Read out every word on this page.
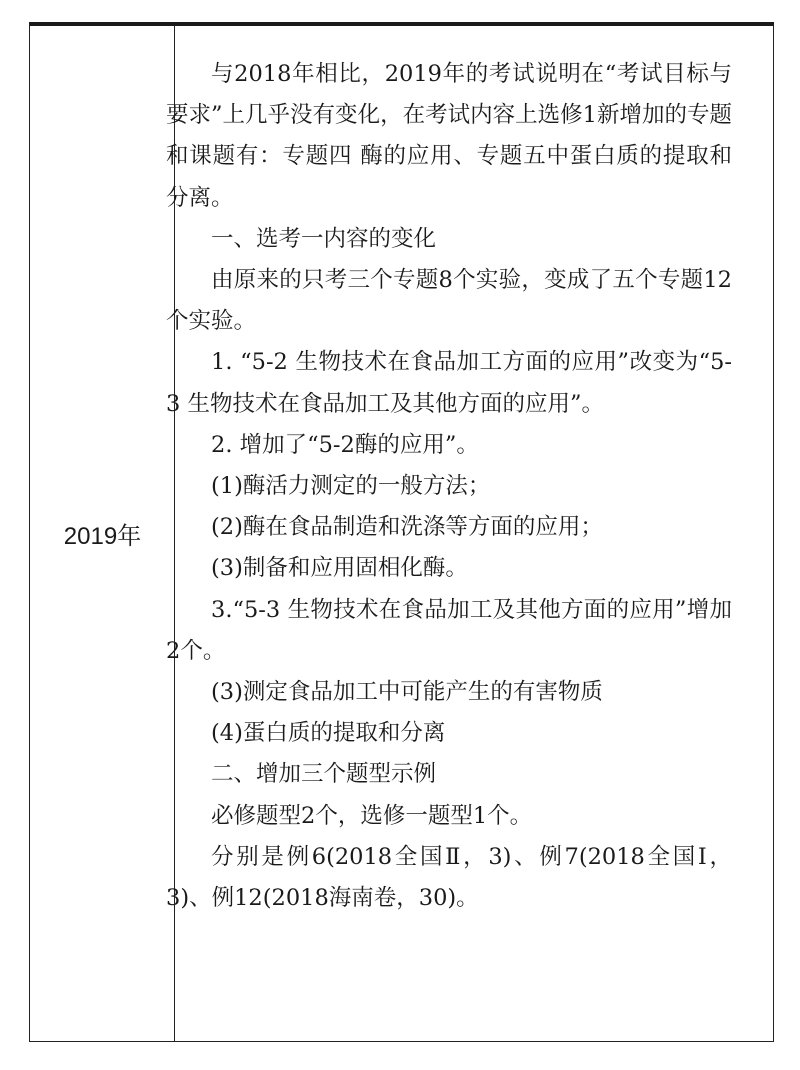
2019年

与2018年相比，2019年的考试说明在“考试目标与要求”上几乎没有变化，在考试内容上选修1新增加的专题和课题有：专题四 酶的应用、专题五中蛋白质的提取和分离。

一、选考一内容的变化

由原来的只考三个专题8个实验，变成了五个专题12个实验。

1. “5-2 生物技术在食品加工方面的应用”改变为“5-3 生物技术在食品加工及其他方面的应用”。

2. 增加了“5-2酶的应用”。

(1)酶活力测定的一般方法；

(2)酶在食品制造和洗涤等方面的应用；

(3)制备和应用固相化酶。

3.“5-3 生物技术在食品加工及其他方面的应用”增加2个。

(3)测定食品加工中可能产生的有害物质

(4)蛋白质的提取和分离

二、增加三个题型示例

必修题型2个，选修一题型1个。

分别是例6(2018全国Ⅱ，3)、例7(2018全国Ⅰ，3)、例12(2018海南卷，30)。
